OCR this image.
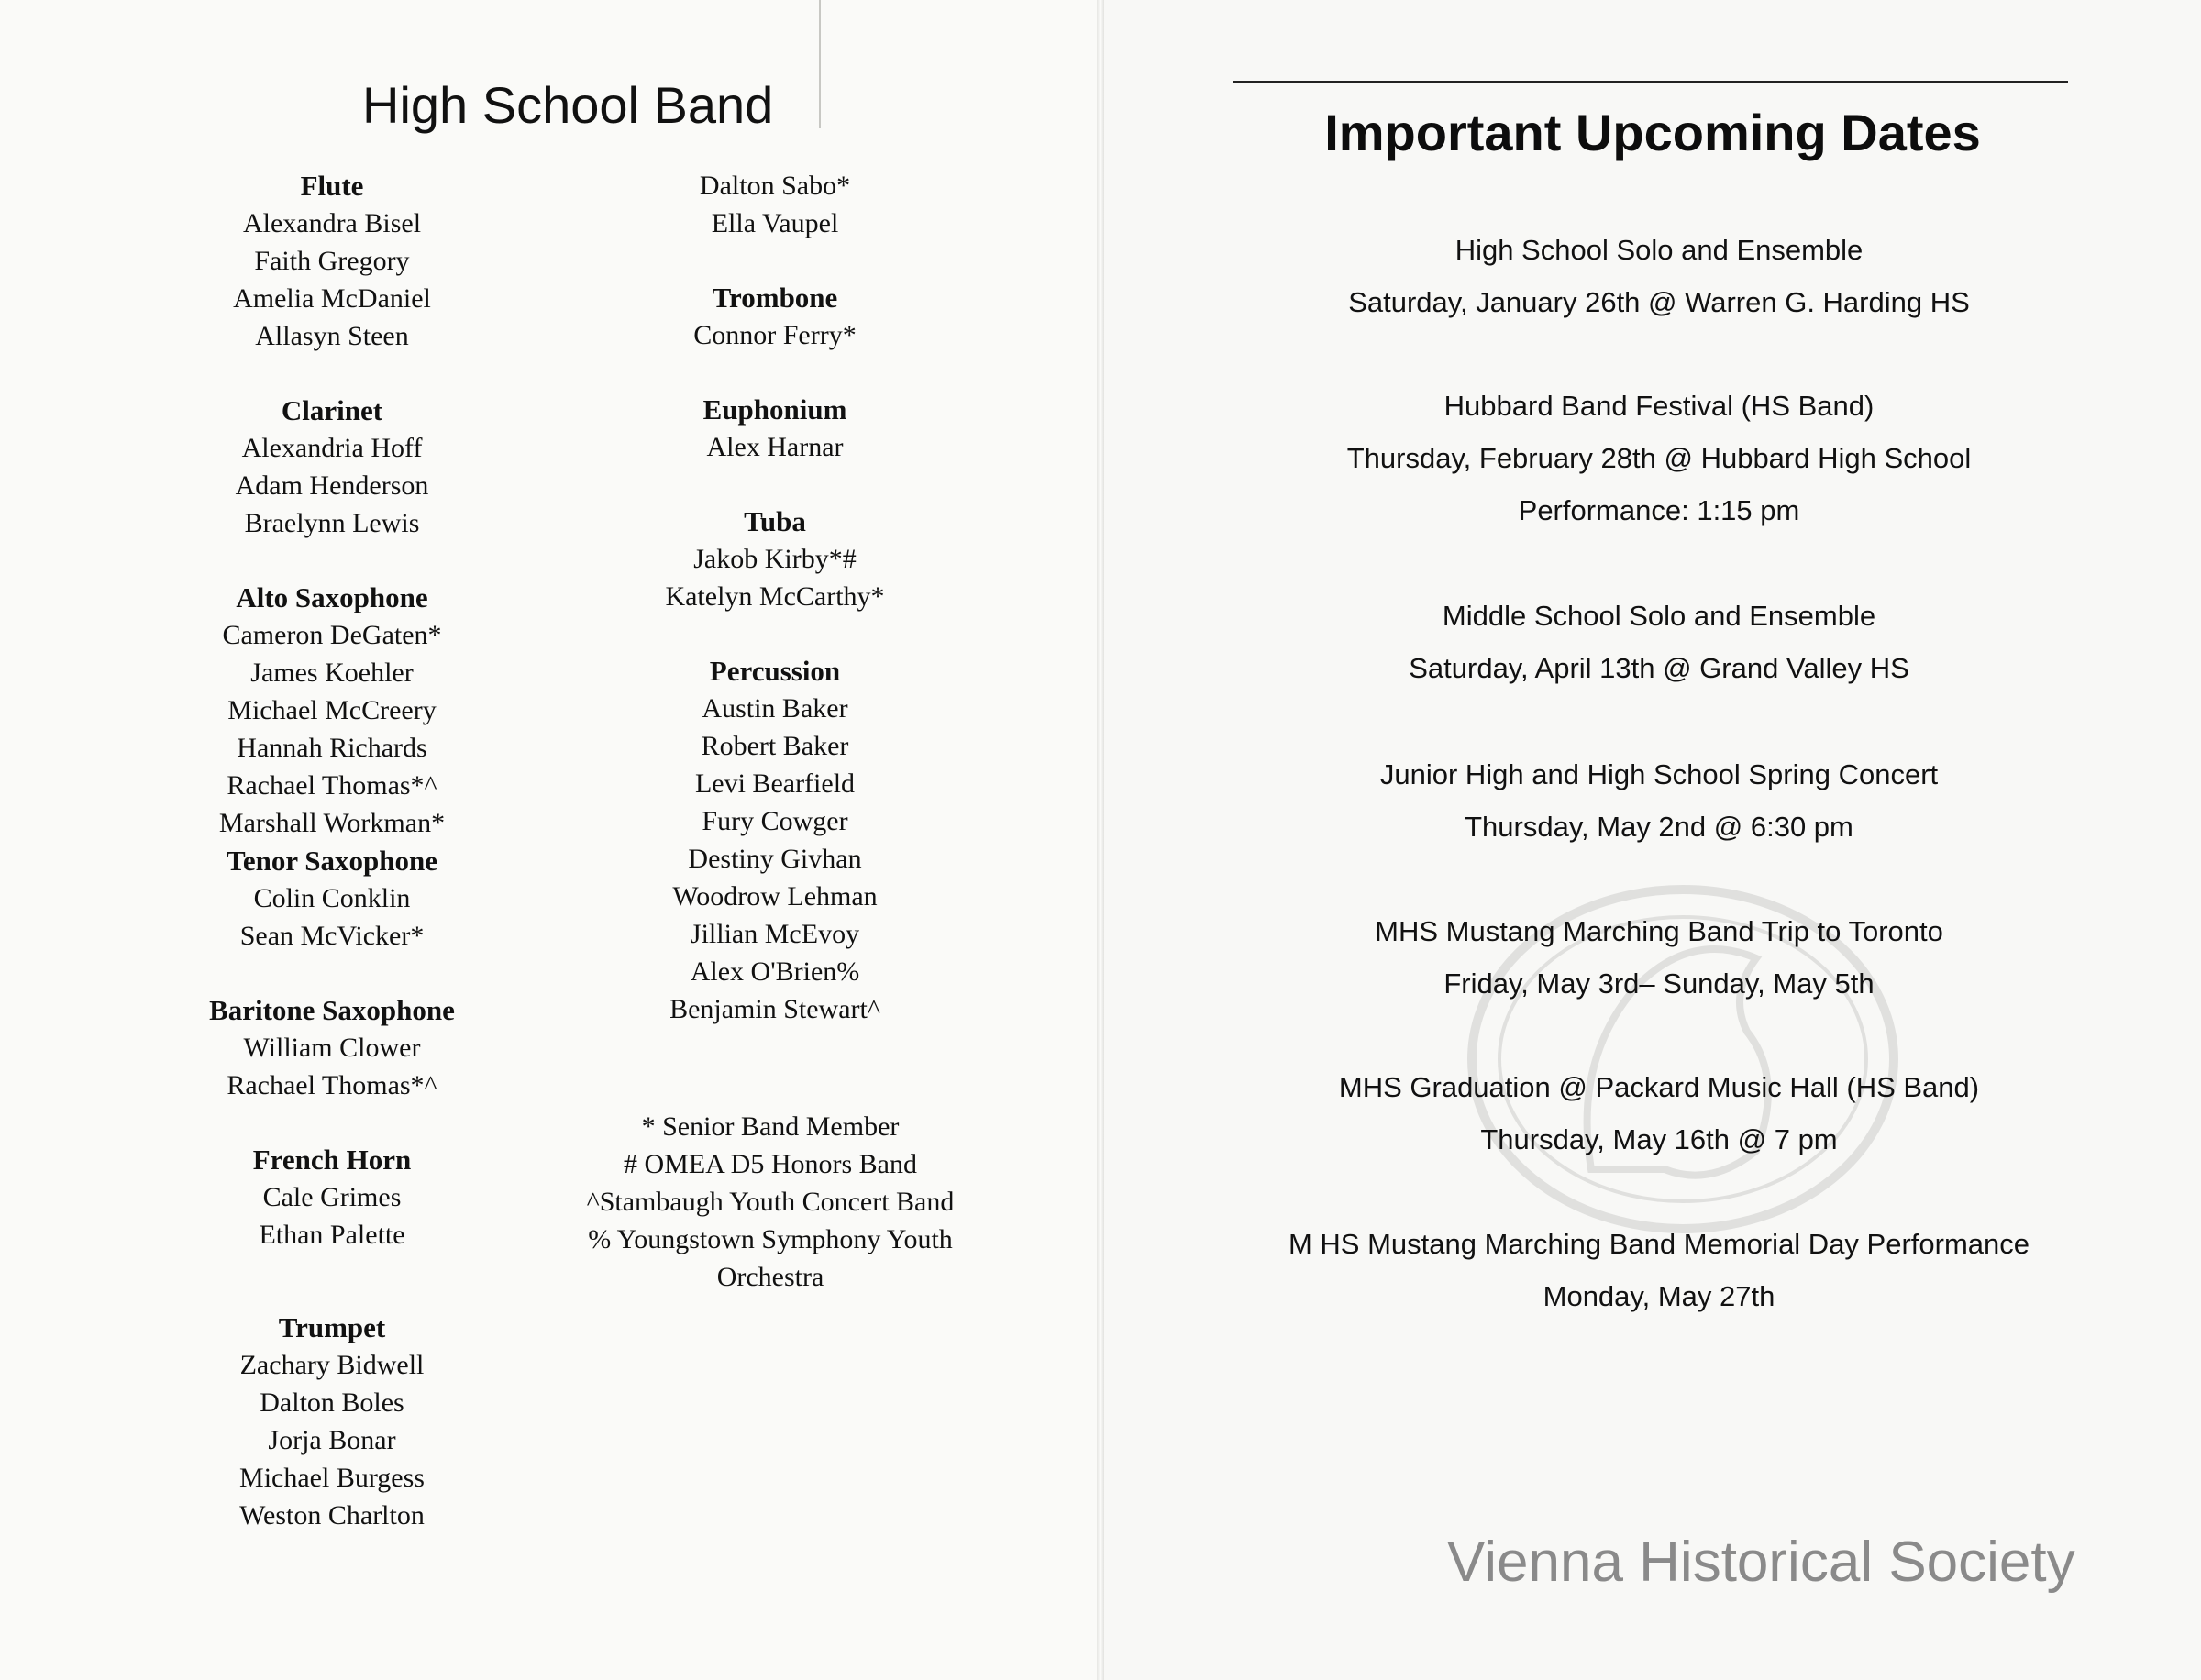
High School Band
Flute
Alexandra Bisel
Faith Gregory
Amelia McDaniel
Allasyn Steen
Clarinet
Alexandria Hoff
Adam Henderson
Braelynn Lewis
Alto Saxophone
Cameron DeGaten*
James Koehler
Michael McCreery
Hannah Richards
Rachael Thomas*^
Marshall Workman*
Tenor Saxophone
Colin Conklin
Sean McVicker*
Baritone Saxophone
William Clower
Rachael Thomas*^
French Horn
Cale Grimes
Ethan Palette
Trumpet
Zachary Bidwell
Dalton Boles
Jorja Bonar
Michael Burgess
Weston Charlton
Dalton Sabo*
Ella Vaupel
Trombone
Connor Ferry*
Euphonium
Alex Harnar
Tuba
Jakob Kirby*#
Katelyn McCarthy*
Percussion
Austin Baker
Robert Baker
Levi Bearfield
Fury Cowger
Destiny Givhan
Woodrow Lehman
Jillian McEvoy
Alex O'Brien%
Benjamin Stewart^
* Senior Band Member
# OMEA D5 Honors Band
^Stambaugh Youth Concert Band
% Youngstown Symphony Youth
Orchestra
Important Upcoming Dates
High School Solo and Ensemble
Saturday, January 26th @ Warren G. Harding HS
Hubbard Band Festival (HS Band)
Thursday, February 28th @ Hubbard High School
Performance: 1:15 pm
Middle School Solo and Ensemble
Saturday, April 13th @ Grand Valley HS
Junior High and High School Spring Concert
Thursday, May 2nd @ 6:30 pm
MHS Mustang Marching Band Trip to Toronto
Friday, May 3rd– Sunday, May 5th
MHS Graduation @ Packard Music Hall (HS Band)
Thursday, May 16th @ 7 pm
M HS Mustang Marching Band Memorial Day Performance
Monday, May 27th

Vienna Historical Society
